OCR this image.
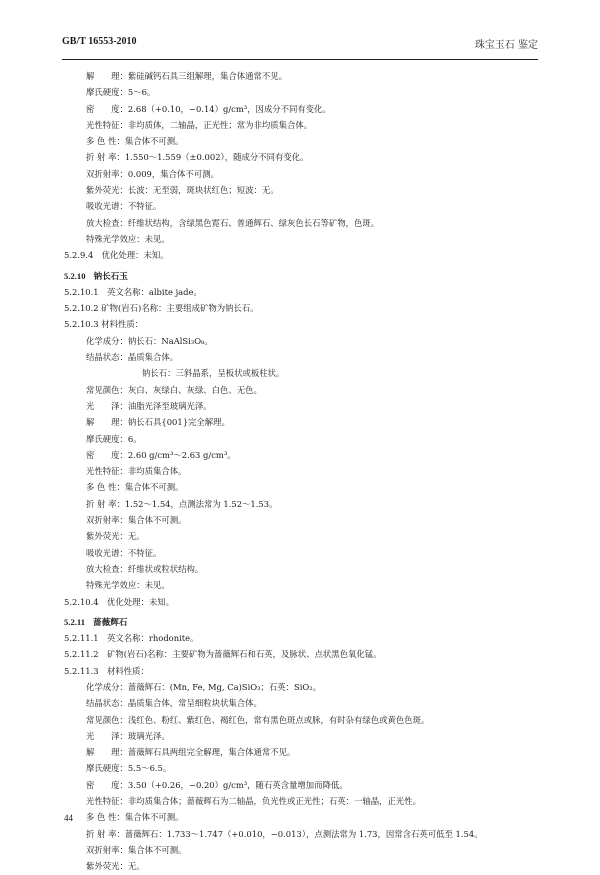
GB/T 16553-2010	珠宝玉石 鉴定
解　　理：紫硅碱钙石具三组解理，集合体通常不见。
摩氏硬度：5～6。
密　　度：2.68（+0.10，−0.14）g/cm³，因成分不同有变化。
光性特征：非均质体，二轴晶，正光性；常为非均质集合体。
多 色 性：集合体不可测。
折 射 率：1.550～1.559（±0.002），随成分不同有变化。
双折射率：0.009，集合体不可测。
紫外荧光：长波：无至弱，斑块状红色；短波：无。
吸收光谱：不特征。
放大检查：纤维状结构，含绿黑色霓石、普通辉石、绿灰色长石等矿物，色斑。
特殊光学效应：未见。
5.2.9.4　优化处理：未知。
5.2.10 钠长石玉
5.2.10.1　英文名称：albite jade。
5.2.10.2 矿物(岩石)名称：主要组成矿物为钠长石。
5.2.10.3 材料性质：
化学成分：钠长石：NaAlSi₃O₈。
结晶状态：晶质集合体。
钠长石：三斜晶系，呈板状或板柱状。
常见颜色：灰白、灰绿白、灰绿、白色、无色。
光　　泽：油脂光泽至玻璃光泽。
解　　理：钠长石具{001}完全解理。
摩氏硬度：6。
密　　度：2.60 g/cm³～2.63 g/cm³。
光性特征：非均质集合体。
多 色 性：集合体不可测。
折 射 率：1.52～1.54，点测法常为 1.52～1.53。
双折射率：集合体不可测。
紫外荧光：无。
吸收光谱：不特征。
放大检查：纤维状或粒状结构。
特殊光学效应：未见。
5.2.10.4　优化处理：未知。
5.2.11 蔷薇辉石
5.2.11.1　英文名称：rhodonite。
5.2.11.2　矿物(岩石)名称：主要矿物为蔷薇辉石和石英，及脉状、点状黑色氧化锰。
5.2.11.3　材料性质：
化学成分：蔷薇辉石：(Mn, Fe, Mg, Ca)SiO₃；石英：SiO₂。
结晶状态：晶质集合体，常呈细粒块状集合体。
常见颜色：浅红色、粉红、紫红色、褐红色，常有黑色斑点或脉，有时杂有绿色或黄色色斑。
光　　泽：玻璃光泽。
解　　理：蔷薇辉石具两组完全解理，集合体通常不见。
摩氏硬度：5.5～6.5。
密　　度：3.50（+0.26，−0.20）g/cm³，随石英含量增加而降低。
光性特征：非均质集合体；蔷薇辉石为二轴晶，负光性或正光性；石英：一轴晶，正光性。
多 色 性：集合体不可测。
折 射 率：蔷薇辉石：1.733～1.747（+0.010，−0.013），点测法常为 1.73，因常含石英可低至 1.54。
双折射率：集合体不可测。
紫外荧光：无。
44
